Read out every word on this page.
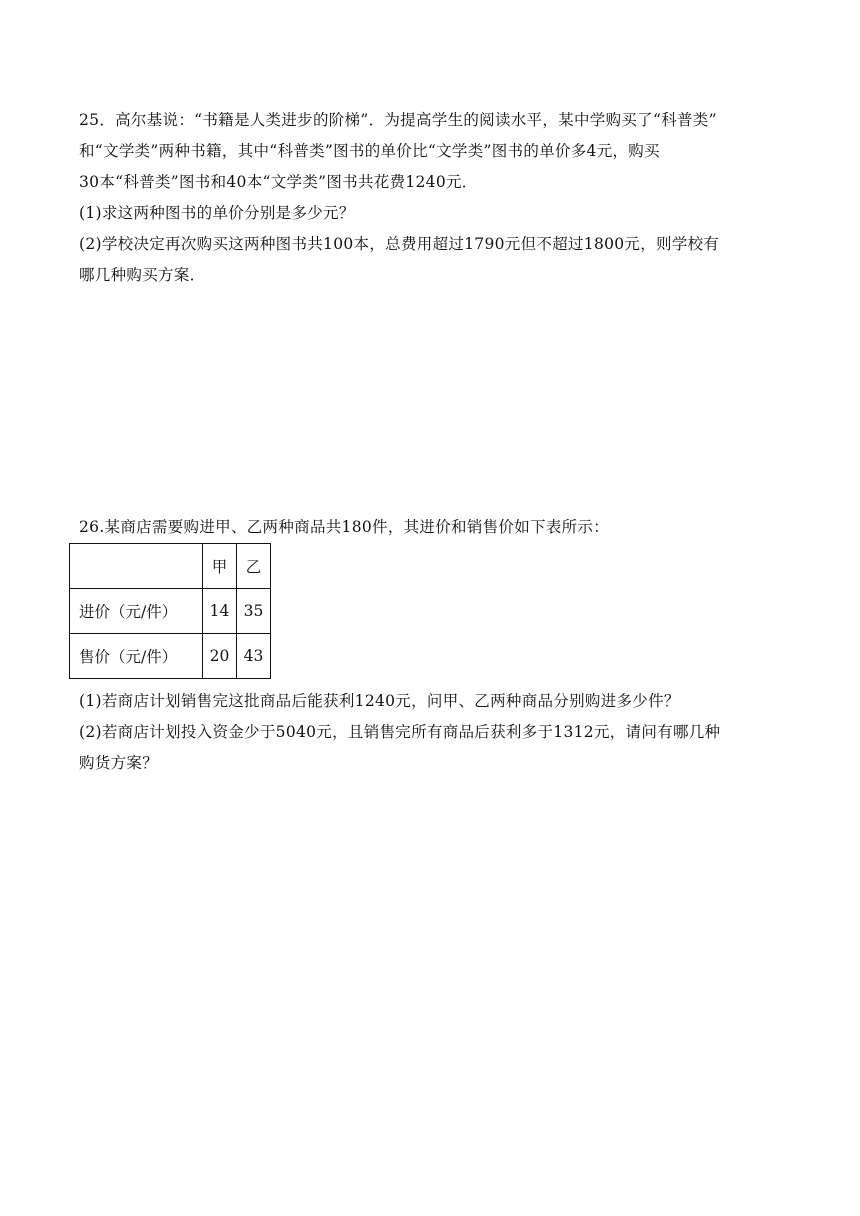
25．高尔基说：“书籍是人类进步的阶梯”．为提高学生的阅读水平，某中学购买了“科普类”

和“文学类”两种书籍，其中“科普类”图书的单价比“文学类”图书的单价多4元，购买

30本“科普类”图书和40本“文学类”图书共花费1240元．

(1)求这两种图书的单价分别是多少元？

(2)学校决定再次购买这两种图书共100本，总费用超过1790元但不超过1800元，则学校有

哪几种购买方案．

26.某商店需要购进甲、乙两种商品共180件，其进价和销售价如下表所示：

	甲	乙
进价（元/件）	14	35
售价（元/件）	20	43

(1)若商店计划销售完这批商品后能获利1240元，问甲、乙两种商品分别购进多少件？

(2)若商店计划投入资金少于5040元，且销售完所有商品后获利多于1312元，请问有哪几种

购货方案？
